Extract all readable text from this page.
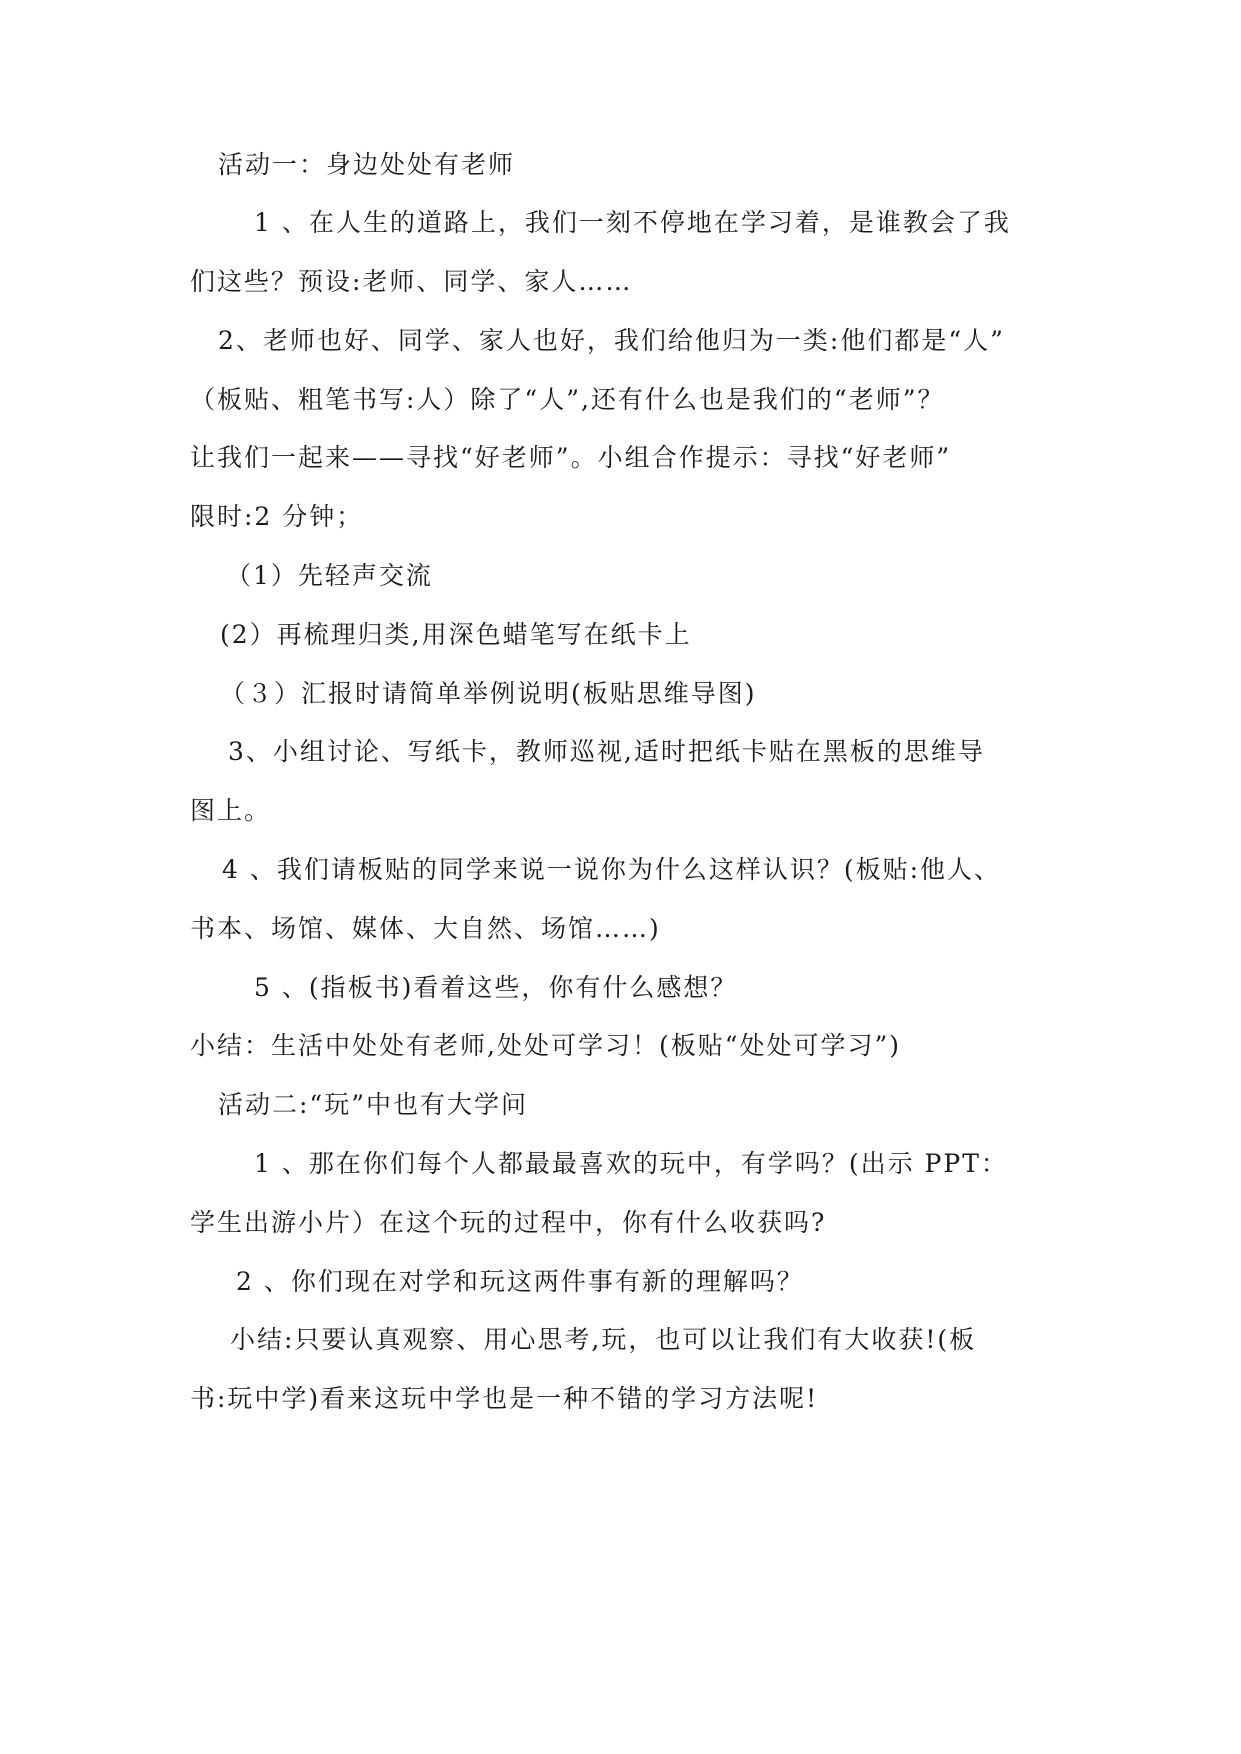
活动一：身边处处有老师
1 、在人生的道路上，我们一刻不停地在学习着，是谁教会了我
们这些？预设:老师、同学、家人……
2、老师也好、同学、家人也好，我们给他归为一类:他们都是“人”
（板贴、粗笔书写:人）除了“人”,还有什么也是我们的“老师”？
让我们一起来——寻找“好老师”。小组合作提示：寻找“好老师”
限时:2 分钟；
（1）先轻声交流
(2）再梳理归类,用深色蜡笔写在纸卡上
（３）汇报时请简单举例说明(板贴思维导图)
3、小组讨论、写纸卡，教师巡视,适时把纸卡贴在黑板的思维导
图上。
4 、我们请板贴的同学来说一说你为什么这样认识？(板贴:他人、
书本、场馆、媒体、大自然、场馆……)
5 、(指板书)看着这些，你有什么感想？
小结：生活中处处有老师,处处可学习！(板贴“处处可学习”)
活动二:“玩”中也有大学问
1 、那在你们每个人都最最喜欢的玩中，有学吗？(出示 PPT：
学生出游小片）在这个玩的过程中，你有什么收获吗?
2 、你们现在对学和玩这两件事有新的理解吗？
小结:只要认真观察、用心思考,玩，也可以让我们有大收获!(板
书:玩中学)看来这玩中学也是一种不错的学习方法呢!
